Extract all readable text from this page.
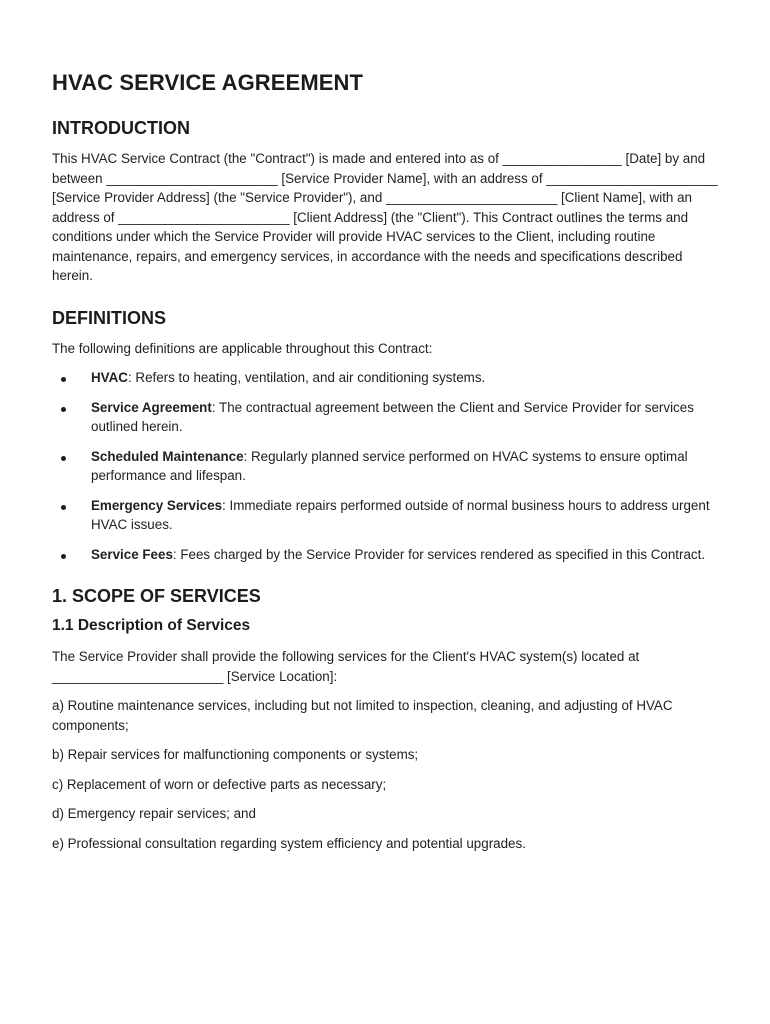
HVAC SERVICE AGREEMENT
INTRODUCTION

This HVAC Service Contract (the "Contract") is made and entered into as of ________________ [Date] by and between _______________________ [Service Provider Name], with an address of _______________________ [Service Provider Address] (the "Service Provider"), and _______________________ [Client Name], with an address of _______________________ [Client Address] (the "Client"). This Contract outlines the terms and conditions under which the Service Provider will provide HVAC services to the Client, including routine maintenance, repairs, and emergency services, in accordance with the needs and specifications described herein.

DEFINITIONS

The following definitions are applicable throughout this Contract:

HVAC: Refers to heating, ventilation, and air conditioning systems.
Service Agreement: The contractual agreement between the Client and Service Provider for services outlined herein.
Scheduled Maintenance: Regularly planned service performed on HVAC systems to ensure optimal performance and lifespan.
Emergency Services: Immediate repairs performed outside of normal business hours to address urgent HVAC issues.
Service Fees: Fees charged by the Service Provider for services rendered as specified in this Contract.
1. SCOPE OF SERVICES
1.1 Description of Services

The Service Provider shall provide the following services for the Client's HVAC system(s) located at _______________________ [Service Location]:

a) Routine maintenance services, including but not limited to inspection, cleaning, and adjusting of HVAC components;

b) Repair services for malfunctioning components or systems;

c) Replacement of worn or defective parts as necessary;

d) Emergency repair services; and

e) Professional consultation regarding system efficiency and potential upgrades.
